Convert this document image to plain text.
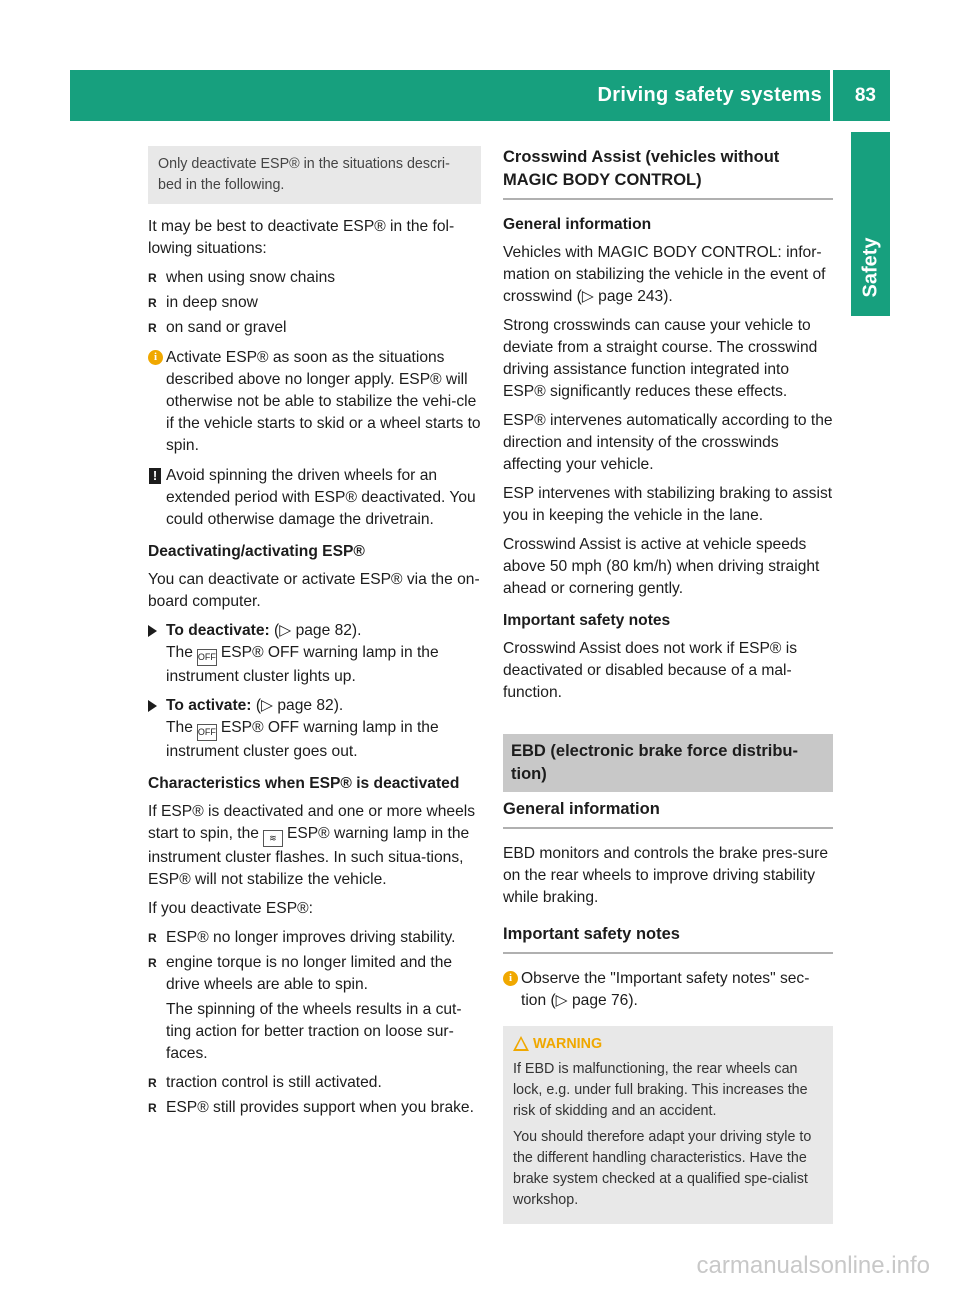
Driving safety systems 83
Safety
Only deactivate ESP® in the situations descri-bed in the following.

It may be best to deactivate ESP® in the fol-lowing situations:

R when using snow chains
R in deep snow
R on sand or gravel
i Activate ESP® as soon as the situations described above no longer apply. ESP® will otherwise not be able to stabilize the vehi-cle if the vehicle starts to skid or a wheel starts to spin.
! Avoid spinning the driven wheels for an extended period with ESP® deactivated. You could otherwise damage the drivetrain.
Deactivating/activating ESP®

You can deactivate or activate ESP® via the on-board computer.

To deactivate: (▷ page 82).
The OFF ESP® OFF warning lamp in the instrument cluster lights up.
To activate: (▷ page 82).
The OFF ESP® OFF warning lamp in the instrument cluster goes out.
Characteristics when ESP® is deactivated

If ESP® is deactivated and one or more wheels start to spin, the ≋ ESP® warning lamp in the instrument cluster flashes. In such situa-tions, ESP® will not stabilize the vehicle.

If you deactivate ESP®:

R ESP® no longer improves driving stability.
R engine torque is no longer limited and the drive wheels are able to spin.
The spinning of the wheels results in a cut-ting action for better traction on loose sur-faces.
R traction control is still activated.
R ESP® still provides support when you brake.
Crosswind Assist (vehicles without MAGIC BODY CONTROL)
General information

Vehicles with MAGIC BODY CONTROL: infor-mation on stabilizing the vehicle in the event of crosswind (▷ page 243).

Strong crosswinds can cause your vehicle to deviate from a straight course. The crosswind driving assistance function integrated into ESP® significantly reduces these effects.

ESP® intervenes automatically according to the direction and intensity of the crosswinds affecting your vehicle.

ESP intervenes with stabilizing braking to assist you in keeping the vehicle in the lane.

Crosswind Assist is active at vehicle speeds above 50 mph (80 km/h) when driving straight ahead or cornering gently.

Important safety notes

Crosswind Assist does not work if ESP® is deactivated or disabled because of a mal-function.

EBD (electronic brake force distribu-tion)
General information

EBD monitors and controls the brake pres-sure on the rear wheels to improve driving stability while braking.

Important safety notes
i Observe the "Important safety notes" sec-tion (▷ page 76).
WARNING

If EBD is malfunctioning, the rear wheels can lock, e.g. under full braking. This increases the risk of skidding and an accident.

You should therefore adapt your driving style to the different handling characteristics. Have the brake system checked at a qualified spe-cialist workshop.

carmanualsonline.info
